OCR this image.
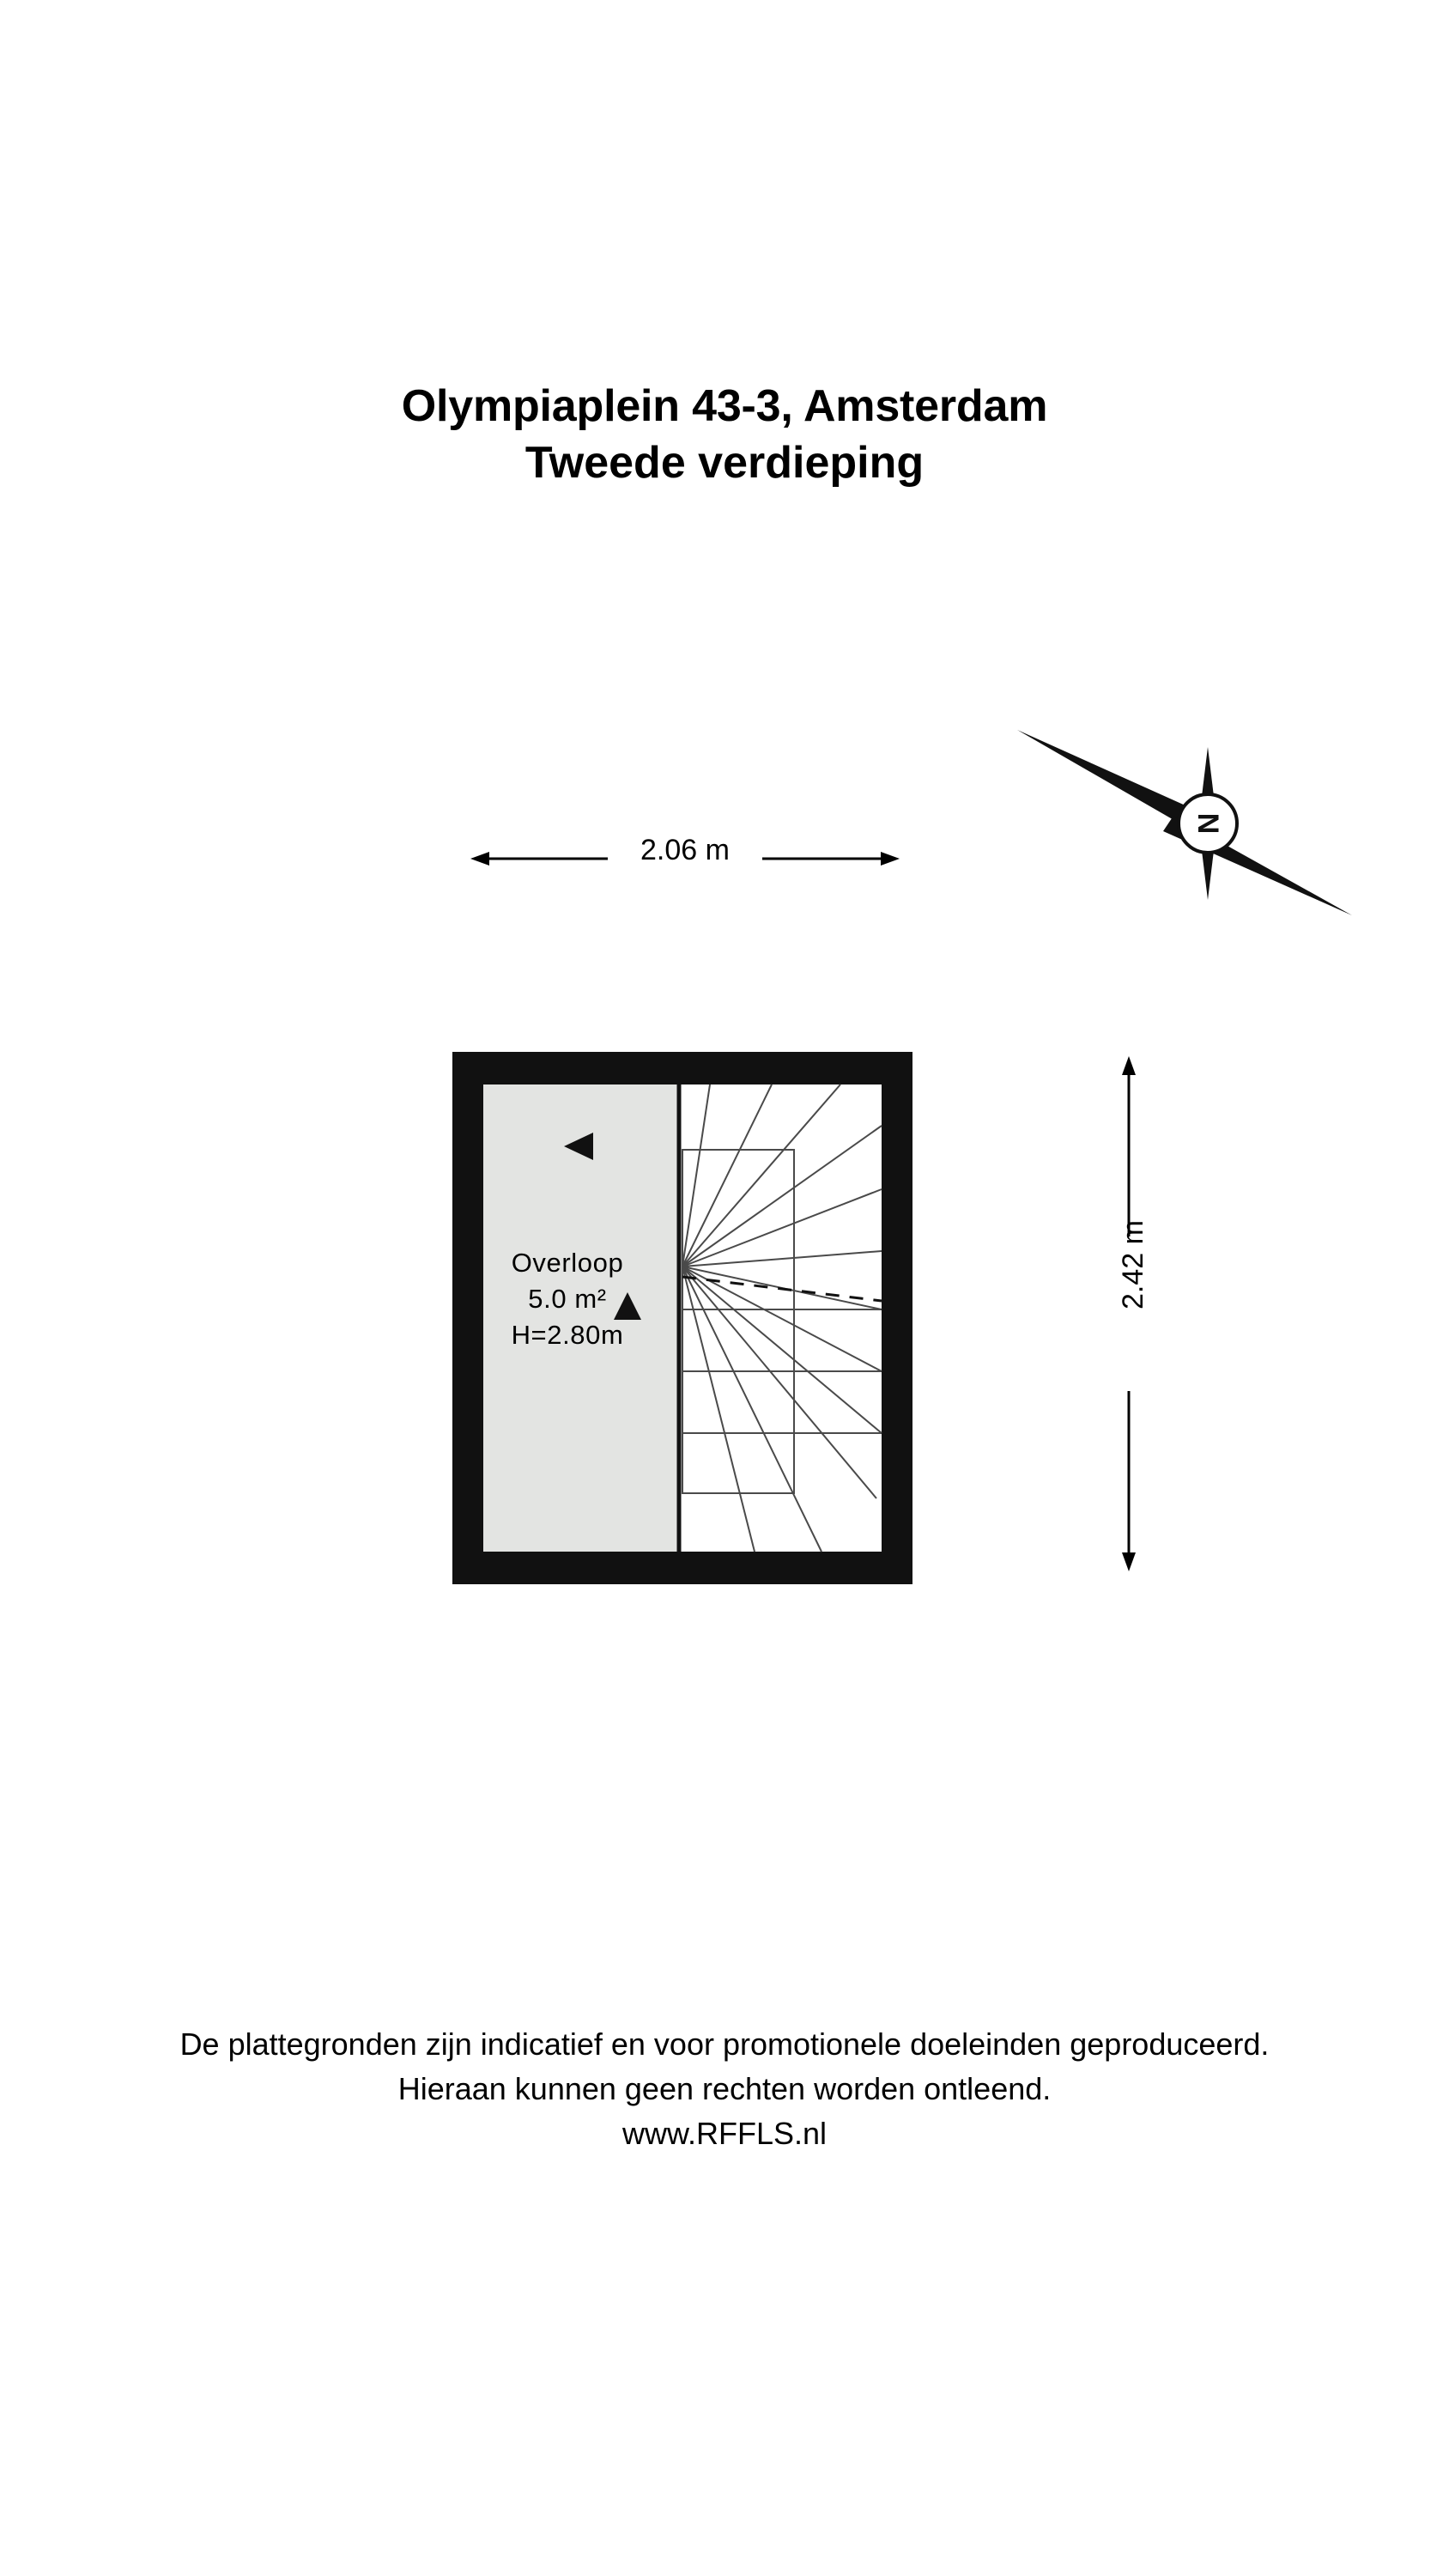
Olympiaplein 43-3, Amsterdam
Tweede verdieping
N
2.06 m
2.42 m
Overloop
5.0 m²
H=2.80m
De plattegronden zijn indicatief en voor promotionele doeleinden geproduceerd.
Hieraan kunnen geen rechten worden ontleend.
www.RFFLS.nl
